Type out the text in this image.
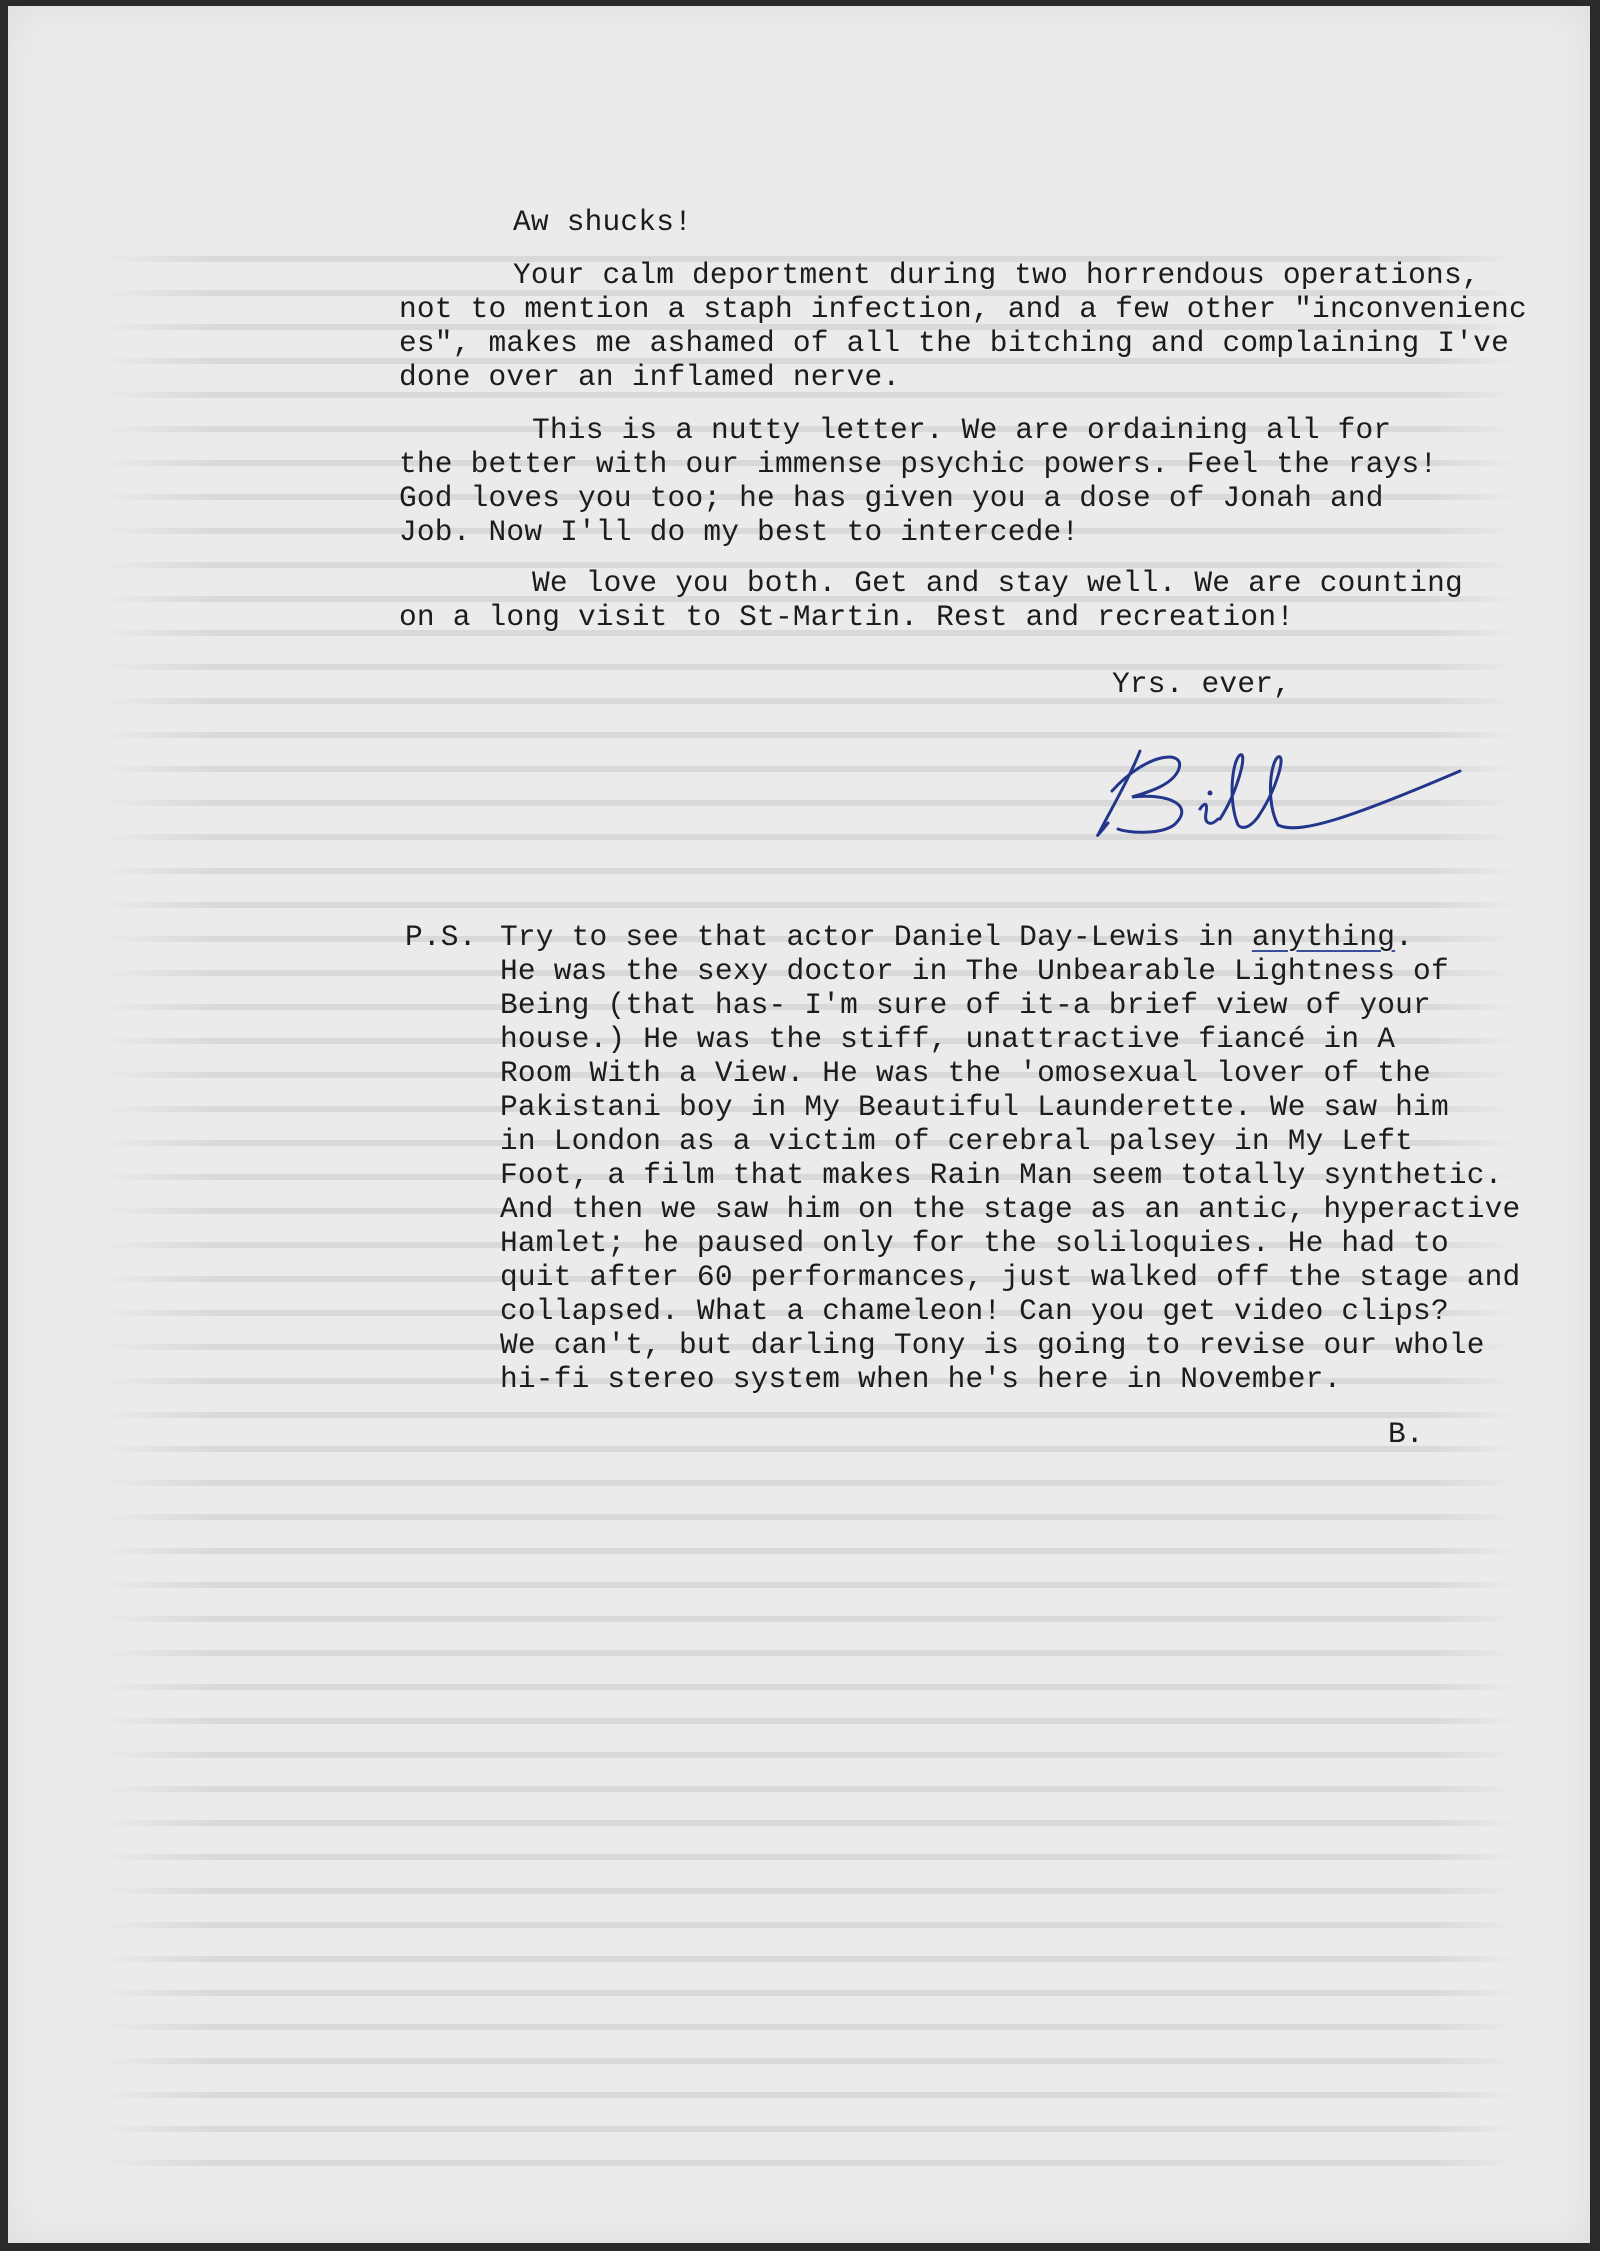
Aw shucks!
Your calm deportment during two horrendous operations,
not to mention a staph infection, and a few other "inconvenienc
es", makes me ashamed of all the bitching and complaining I've
done over an inflamed nerve.
This is a nutty letter. We are ordaining all for
the better with our immense psychic powers. Feel the rays!
God loves you too; he has given you a dose of Jonah and
Job. Now I'll do my best to intercede!
We love you both. Get and stay well. We are counting
on a long visit to St-Martin. Rest and recreation!
Yrs. ever,
P.S. Try to see that actor Daniel Day-Lewis in anything.
He was the sexy doctor in The Unbearable Lightness of
Being (that has- I'm sure of it-a brief view of your
house.) He was the stiff, unattractive fiancé in A
Room With a View. He was the 'omosexual lover of the
Pakistani boy in My Beautiful Launderette. We saw him
in London as a victim of cerebral palsey in My Left
Foot, a film that makes Rain Man seem totally synthetic.
And then we saw him on the stage as an antic, hyperactive
Hamlet; he paused only for the soliloquies. He had to
quit after 60 performances, just walked off the stage and
collapsed. What a chameleon! Can you get video clips?
We can't, but darling Tony is going to revise our whole
hi-fi stereo system when he's here in November.
B.
